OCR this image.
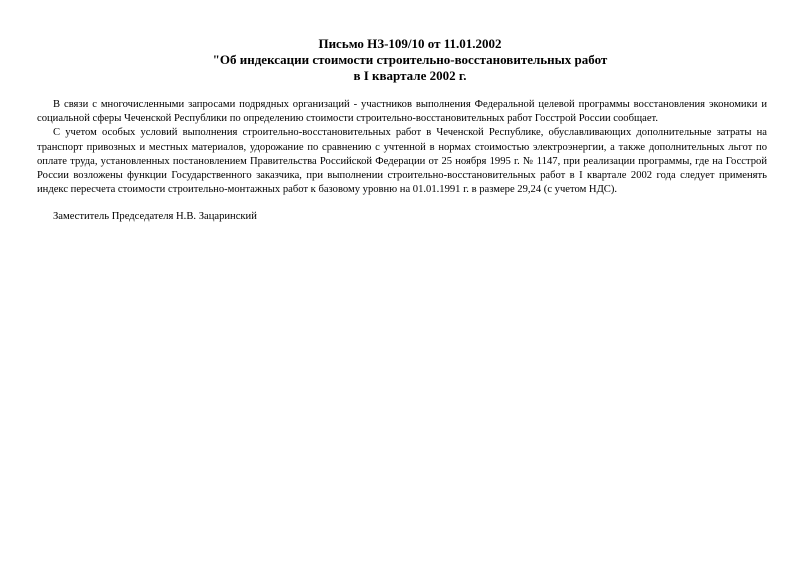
Письмо НЗ-109/10 от 11.01.2002
"Об индексации стоимости строительно-восстановительных работ
в I квартале 2002 г.

В связи с многочисленными запросами подрядных организаций - участников выполнения Федеральной целевой программы восстановления экономики и социальной сферы Чеченской Республики по определению стоимости строительно-восстановительных работ Госстрой России сообщает.

С учетом особых условий выполнения строительно-восстановительных работ в Чеченской Республике, обуславливающих дополнительные затраты на транспорт привозных и местных материалов, удорожание по сравнению с учтенной в нормах стоимостью электроэнергии, а также дополнительных льгот по оплате труда, установленных постановлением Правительства Российской Федерации от 25 ноября 1995 г. № 1147, при реализации программы, где на Госстрой России возложены функции Государственного заказчика, при выполнении строительно-восстановительных работ в I квартале 2002 года следует применять индекс пересчета стоимости строительно-монтажных работ к базовому уровню на 01.01.1991 г. в размере 29,24 (с учетом НДС).

Заместитель Председателя Н.В. Зацаринский
